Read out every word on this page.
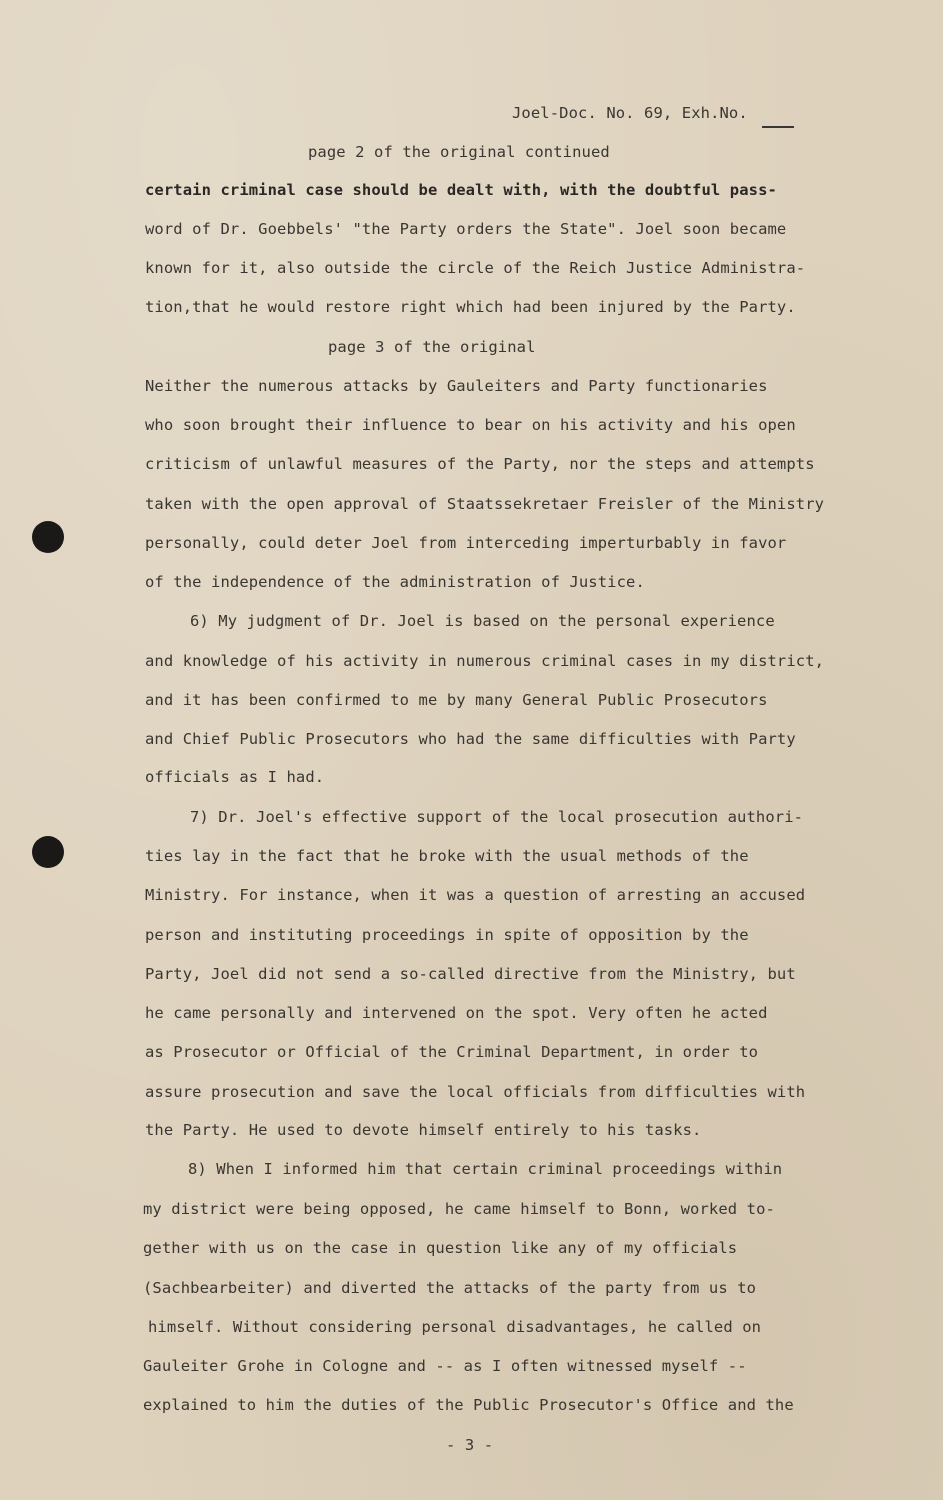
Joel-Doc. No. 69, Exh.No.
page 2 of the original continued
certain criminal case should be dealt with, with the doubtful pass-
word of Dr. Goebbels' "the Party orders the State". Joel soon became
known for it, also outside the circle of the Reich Justice Administra-
tion,that he would restore right which had been injured by the Party.
page 3 of the original
Neither the numerous attacks by Gauleiters and Party functionaries
who soon brought their influence to bear on his activity and his open
criticism of unlawful measures of the Party, nor the steps and attempts
taken with the open approval of Staatssekretaer Freisler of the Ministry
personally, could deter Joel from interceding imperturbably in favor
of the independence of the administration of Justice.
6) My judgment of Dr. Joel is based on the personal experience
and knowledge of his activity in numerous criminal cases in my district,
and it has been confirmed to me by many General Public Prosecutors
and Chief Public Prosecutors who had the same difficulties with Party
officials as I had.
7) Dr. Joel's effective support of the local prosecution authori-
ties lay in the fact that he broke with the usual methods of the
Ministry. For instance, when it was a question of arresting an accused
person and instituting proceedings in spite of opposition by the
Party, Joel did not send a so-called directive from the Ministry, but
he came personally and intervened on the spot. Very often he acted
as Prosecutor or Official of the Criminal Department, in order to
assure prosecution and save the local officials from difficulties with
the Party. He used to devote himself entirely to his tasks.
8) When I informed him that certain criminal proceedings within
my district were being opposed, he came himself to Bonn, worked to-
gether with us on the case in question like any of my officials
(Sachbearbeiter) and diverted the attacks of the party from us to
himself. Without considering personal disadvantages, he called on
Gauleiter Grohe in Cologne and -- as I often witnessed myself --
explained to him the duties of the Public Prosecutor's Office and the
- 3 -
